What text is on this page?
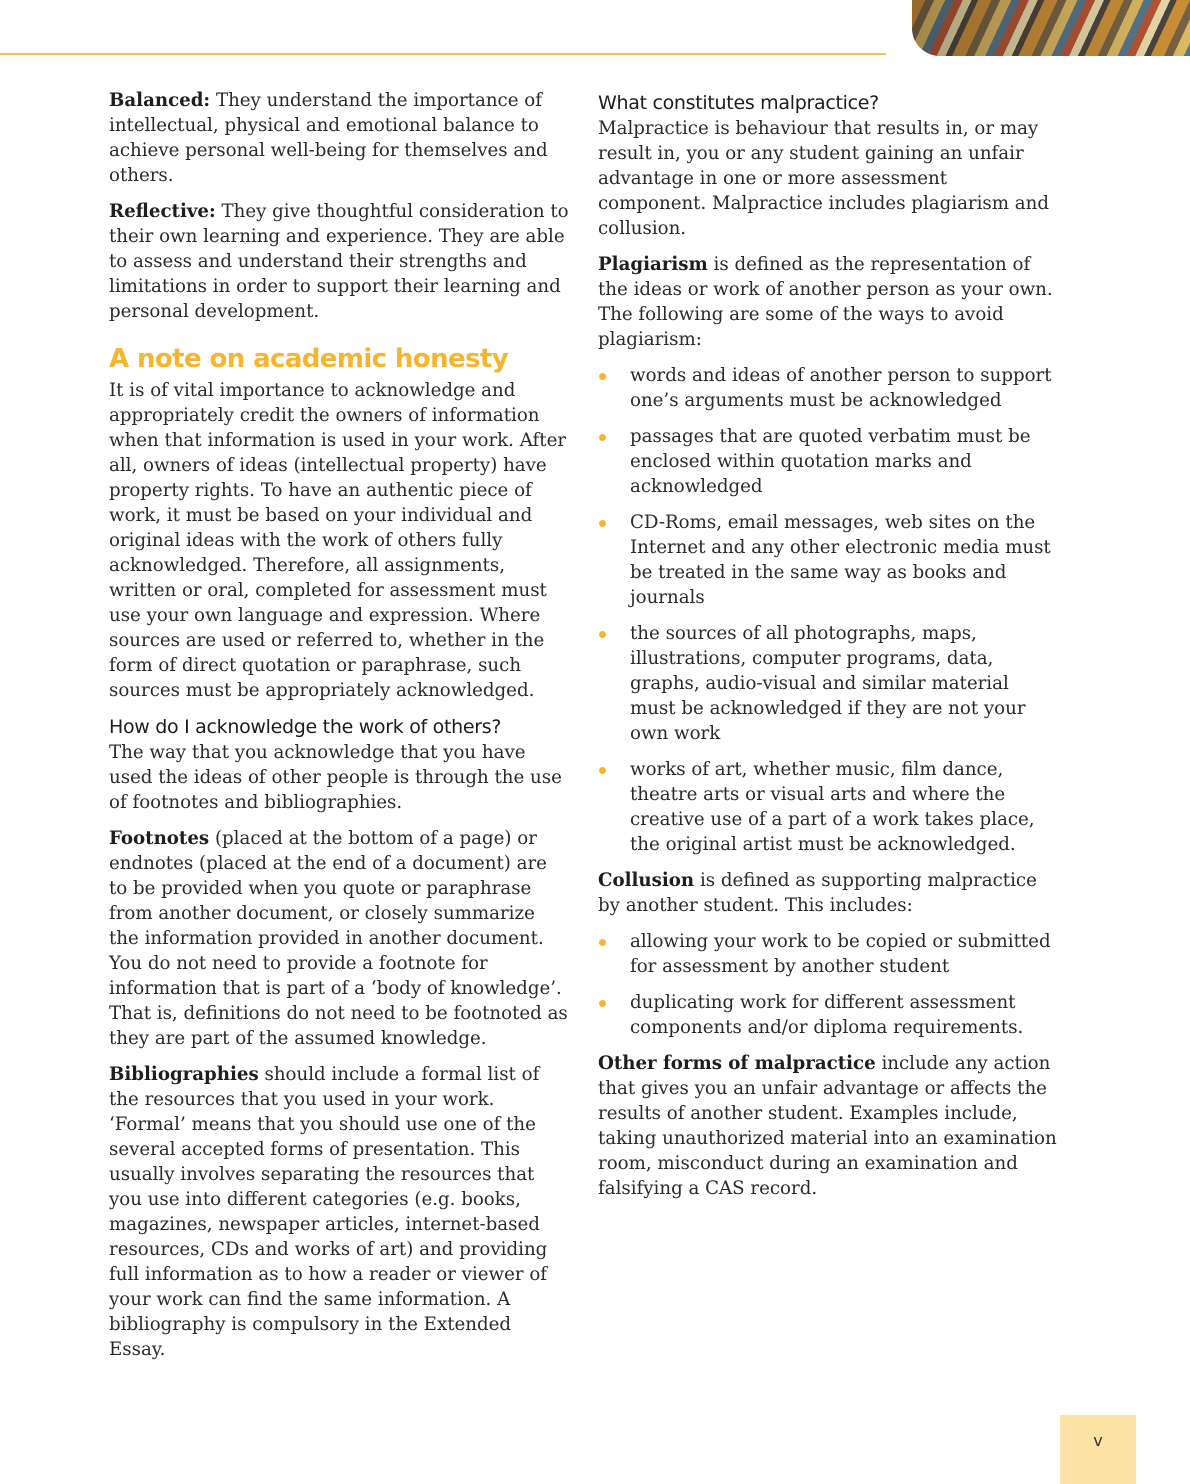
Balanced: They understand the importance of intellectual, physical and emotional balance to achieve personal well-being for themselves and others.

Reflective: They give thoughtful consideration to their own learning and experience. They are able to assess and understand their strengths and limitations in order to support their learning and personal development.

A note on academic honesty

It is of vital importance to acknowledge and appropriately credit the owners of information when that information is used in your work. After all, owners of ideas (intellectual property) have property rights. To have an authentic piece of work, it must be based on your individual and original ideas with the work of others fully acknowledged. Therefore, all assignments, written or oral, completed for assessment must use your own language and expression. Where sources are used or referred to, whether in the form of direct quotation or paraphrase, such sources must be appropriately acknowledged.

How do I acknowledge the work of others?

The way that you acknowledge that you have used the ideas of other people is through the use of footnotes and bibliographies.

Footnotes (placed at the bottom of a page) or endnotes (placed at the end of a document) are to be provided when you quote or paraphrase from another document, or closely summarize the information provided in another document. You do not need to provide a footnote for information that is part of a ‘body of knowledge’. That is, definitions do not need to be footnoted as they are part of the assumed knowledge.

Bibliographies should include a formal list of the resources that you used in your work. ‘Formal’ means that you should use one of the several accepted forms of presentation. This usually involves separating the resources that you use into different categories (e.g. books, magazines, newspaper articles, internet-based resources, CDs and works of art) and providing full information as to how a reader or viewer of your work can find the same information. A bibliography is compulsory in the Extended Essay.

What constitutes malpractice?

Malpractice is behaviour that results in, or may result in, you or any student gaining an unfair advantage in one or more assessment component. Malpractice includes plagiarism and collusion.

Plagiarism is defined as the representation of the ideas or work of another person as your own. The following are some of the ways to avoid plagiarism:

words and ideas of another person to support one’s arguments must be acknowledged
passages that are quoted verbatim must be enclosed within quotation marks and acknowledged
CD-Roms, email messages, web sites on the Internet and any other electronic media must be treated in the same way as books and journals
the sources of all photographs, maps, illustrations, computer programs, data, graphs, audio-visual and similar material must be acknowledged if they are not your own work
works of art, whether music, film dance, theatre arts or visual arts and where the creative use of a part of a work takes place, the original artist must be acknowledged.

Collusion is defined as supporting malpractice by another student. This includes:

allowing your work to be copied or submitted for assessment by another student
duplicating work for different assessment components and/or diploma requirements.

Other forms of malpractice include any action that gives you an unfair advantage or affects the results of another student. Examples include, taking unauthorized material into an examination room, misconduct during an examination and falsifying a CAS record.

v
